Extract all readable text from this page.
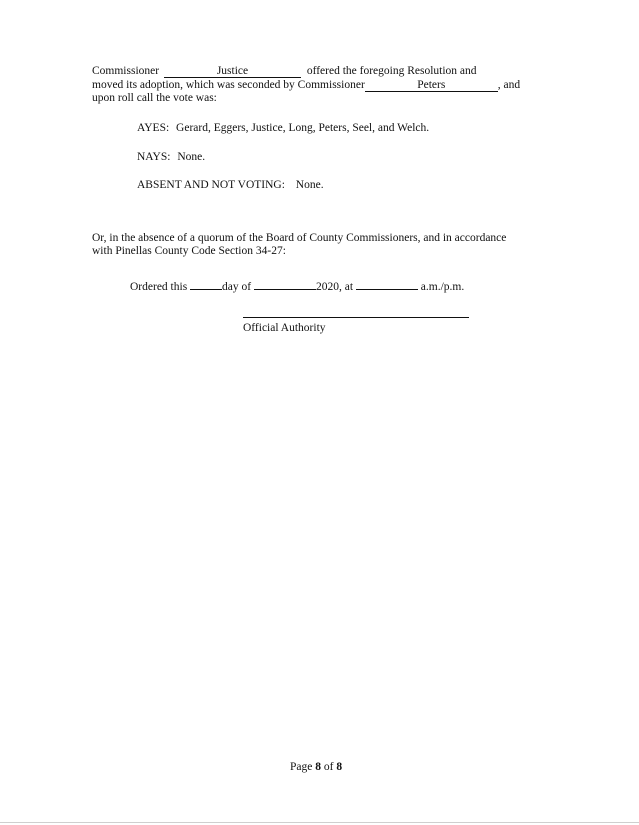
Commissioner	Justice	offered the foregoing Resolution and
moved its adoption, which was seconded by Commissioner	Peters	, and
upon roll call the vote was:
AYES: Gerard, Eggers, Justice, Long, Peters, Seel, and Welch.
NAYS: None.
ABSENT AND NOT VOTING: None.
Or, in the absence of a quorum of the Board of County Commissioners, and in accordance
with Pinellas County Code Section 34-27:
Ordered this	day of	2020, at	a.m./p.m.
Official Authority
Page 8 of 8
